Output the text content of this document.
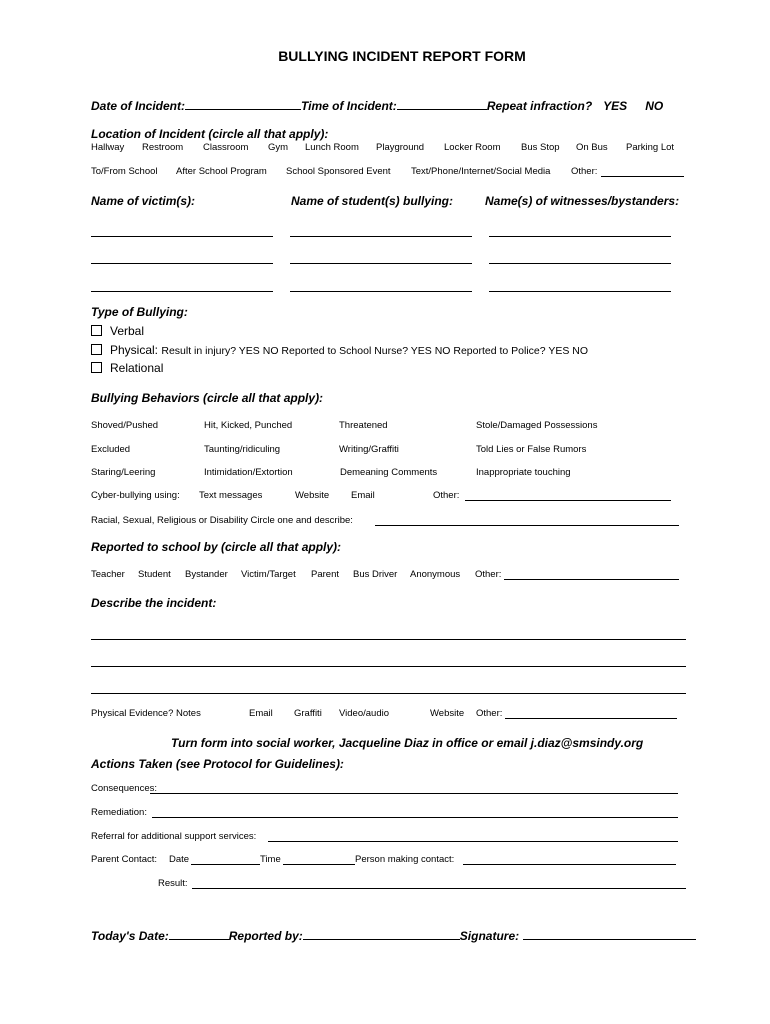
BULLYING INCIDENT REPORT FORM
Date of Incident:	Time of Incident:	Repeat infraction? YES NO
Location of Incident (circle all that apply):
Hallway Restroom Classroom Gym Lunch Room Playground Locker Room Bus Stop On Bus Parking Lot
To/From School After School Program School Sponsored Event Text/Phone/Internet/Social Media Other:
Name of victim(s):	Name of student(s) bullying:	Name(s) of witnesses/bystanders:
Type of Bullying:
Verbal
Physical: Result in injury? YES NO Reported to School Nurse? YES NO Reported to Police? YES NO
Relational
Bullying Behaviors (circle all that apply):
Shoved/Pushed	Hit, Kicked, Punched	Threatened	Stole/Damaged Possessions
Excluded	Taunting/ridiculing	Writing/Graffiti	Told Lies or False Rumors
Staring/Leering	Intimidation/Extortion	Demeaning Comments	Inappropriate touching
Cyber-bullying using: Text messages	Website Email	Other:
Racial, Sexual, Religious or Disability Circle one and describe:
Reported to school by (circle all that apply):
Teacher Student Bystander Victim/Target Parent Bus Driver Anonymous Other:
Describe the incident:
Physical Evidence? Notes	Email Graffiti Video/audio	Website Other:
Turn form into social worker, Jacqueline Diaz in office or email j.diaz@smsindy.org
Actions Taken (see Protocol for Guidelines):
Consequences:
Remediation:
Referral for additional support services:
Parent Contact: Date	Time	Person making contact:
Result:
Today's Date:	Reported by:	Signature:
